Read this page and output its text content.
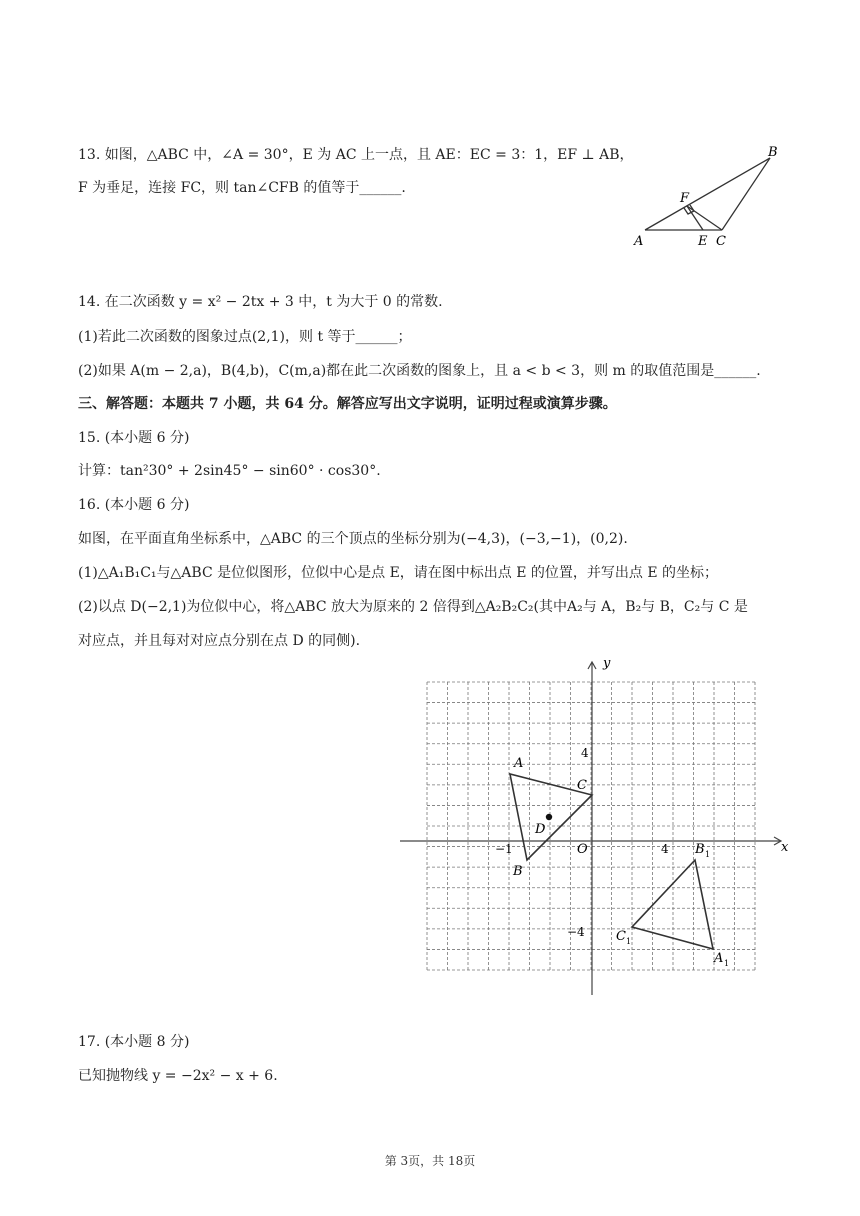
13. 如图，△ABC 中，∠A = 30°，E 为 AC 上一点，且 AE：EC = 3：1，EF ⊥ AB，
F 为垂足，连接 FC，则 tan∠CFB 的值等于______.
A
B
C
E
F
14. 在二次函数 y = x² − 2tx + 3 中，t 为大于 0 的常数.
(1)若此二次函数的图象过点(2,1)，则 t 等于______；
(2)如果 A(m − 2,a)，B(4,b)，C(m,a)都在此二次函数的图象上，且 a < b < 3，则 m 的取值范围是______.
三、解答题：本题共 7 小题，共 64 分。解答应写出文字说明，证明过程或演算步骤。
15. (本小题 6 分)
计算：tan²30° + 2sin45° − sin60° · cos30°.
16. (本小题 6 分)
如图，在平面直角坐标系中，△ABC 的三个顶点的坐标分别为(−4,3)，(−3,−1)，(0,2).
(1)△A₁B₁C₁与△ABC 是位似图形，位似中心是点 E，请在图中标出点 E 的位置，并写出点 E 的坐标；
(2)以点 D(−2,1)为位似中心，将△ABC 放大为原来的 2 倍得到△A₂B₂C₂(其中A₂与 A，B₂与 B，C₂与 C 是
对应点，并且每对对应点分别在点 D 的同侧).
x
y
O	4
−1
4
−4
A
B
C
D
A 1
B 1
C 1
17. (本小题 8 分)
已知抛物线 y = −2x² − x + 6.
第 3页，共 18页
